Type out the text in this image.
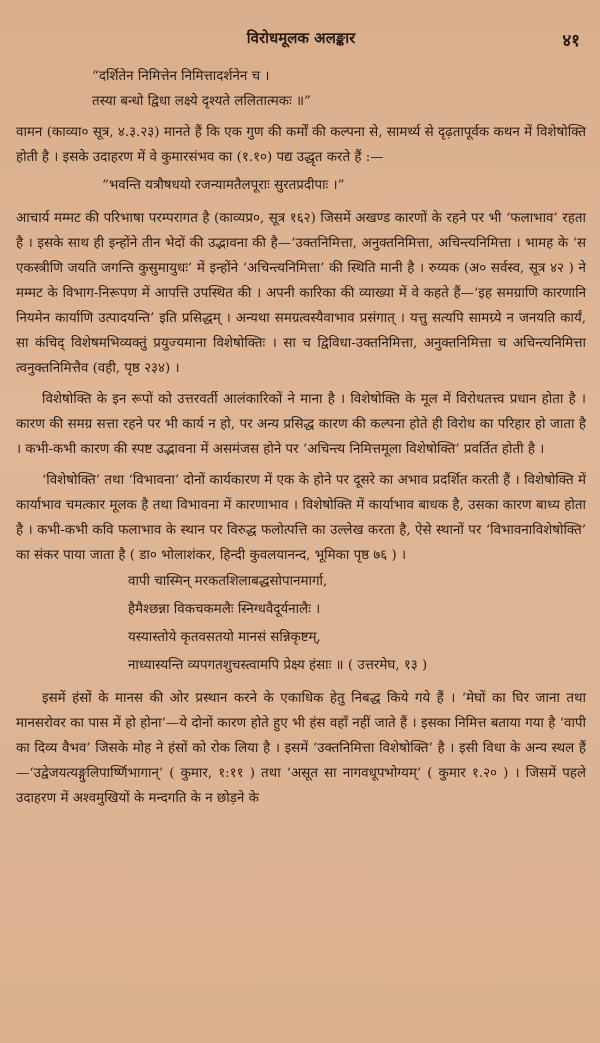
विरोधमूलक अलङ्कार	४१
“दर्शितेन निमित्तेन निमित्तादर्शनेन च ।
तस्या बन्धो द्विधा लक्ष्ये दृश्यते ललितात्मकः ॥”

वामन (काव्या० सूत्र, ४.३.२३) मानते हैं कि एक गुण की कर्मों की कल्पना से, सामर्थ्य से दृढ़तापूर्वक कथन में विशेषोक्ति होती है । इसके उदाहरण में वे कुमारसंभव का (१.१०) पद्य उद्धृत करते हैं :—

“भवन्ति यत्रौषधयो रजन्यामतैलपूराः सुरतप्रदीपाः ।”

आचार्य मम्मट की परिभाषा परम्परागत है (काव्यप्र०, सूत्र १६२) जिसमें अखण्ड कारणों के रहने पर भी ‘फलाभाव’ रहता है । इसके साथ ही इन्होंने तीन भेदों की उद्भावना की है—‘उक्तनिमित्ता, अनुक्तनिमित्ता, अचिन्त्यनिमित्ता । भामह के ‘स एकस्त्रीणि जयति जगन्ति कुसुमायुधः’ में इन्होंने ‘अचिन्त्यनिमित्ता’ की स्थिति मानी है । रुय्यक (अ० सर्वस्व, सूत्र ४२ ) ने मम्मट के विभाग-निरूपण में आपत्ति उपस्थित की । अपनी कारिका की व्याख्या में वे कहते हैं—‘इह समग्राणि कारणानि नियमेन कार्याणि उत्पादयन्ति’ इति प्रसिद्धम् । अन्यथा समग्रत्वस्यैवाभाव प्रसंगात् । यत्तु सत्यपि सामग्र्ये न जनयति कार्यं, सा कंचिद् विशेषमभिव्यक्तुं प्रयुज्यमाना विशेषोक्तिः । सा च द्विविधा-उक्तनिमित्ता, अनुक्तनिमित्ता च अचिन्त्यनिमित्ता त्वनुक्तनिमित्तैव (वही, पृष्ठ २३४) ।

विशेषोक्ति के इन रूपों को उत्तरवर्ती आलंकारिकों ने माना है । विशेषोक्ति के मूल में विरोधतत्त्व प्रधान होता है । कारण की समग्र सत्ता रहने पर भी कार्य न हो, पर अन्य प्रसिद्ध कारण की कल्पना होते ही विरोध का परिहार हो जाता है । कभी-कभी कारण की स्पष्ट उद्भावना में असमंजस होने पर ‘अचिन्त्य निमित्तमूला विशेषोक्ति’ प्रवर्तित होती है ।

‘विशेषोक्ति’ तथा ‘विभावना’ दोनों कार्यकारण में एक के होने पर दूसरे का अभाव प्रदर्शित करती हैं । विशेषोक्ति में कार्याभाव चमत्कार मूलक है तथा विभावना में कारणाभाव । विशेषोक्ति में कार्याभाव बाधक है, उसका कारण बाध्य होता है । कभी-कभी कवि फलाभाव के स्थान पर विरुद्ध फलोत्पत्ति का उल्लेख करता है, ऐसे स्थानों पर ‘विभावनाविशेषोक्ति’ का संकर पाया जाता है ( डा० भोलाशंकर, हिन्दी कुवलयानन्द, भूमिका पृष्ठ ७६ ) ।

वापी चास्मिन् मरकतशिलाबद्धसोपानमार्गा,
हैमैश्छन्ना विकचकमलैः स्निग्धवैदूर्यनालैः ।
यस्यास्तोये कृतवसतयो मानसं सन्निकृष्टम्,
नाध्यास्यन्ति व्यपगतशुचस्त्वामपि प्रेक्ष्य हंसाः ॥ ( उत्तरमेघ, १३ )

इसमें हंसों के मानस की ओर प्रस्थान करने के एकाधिक हेतु निबद्ध किये गये हैं । ‘मेघों का घिर जाना तथा मानसरोवर का पास में हो होना’—ये दोनों कारण होते हुए भी हंस वहाँ नहीं जाते हैं । इसका निमित्त बताया गया है ‘वापी का दिव्य वैभव’ जिसके मोह ने हंसों को रोक लिया है । इसमें ‘उक्तनिमित्ता विशेषोक्ति’ है । इसी विधा के अन्य स्थल हैं—‘उद्वेजयत्यङ्गुलिपार्ष्णिभागान्’ ( कुमार, १:११ ) तथा ‘असूत सा नागवधूपभोग्यम्’ ( कुमार १.२० ) । जिसमें पहले उदाहरण में अश्वमुखियों के मन्दगति के न छोड़ने के
